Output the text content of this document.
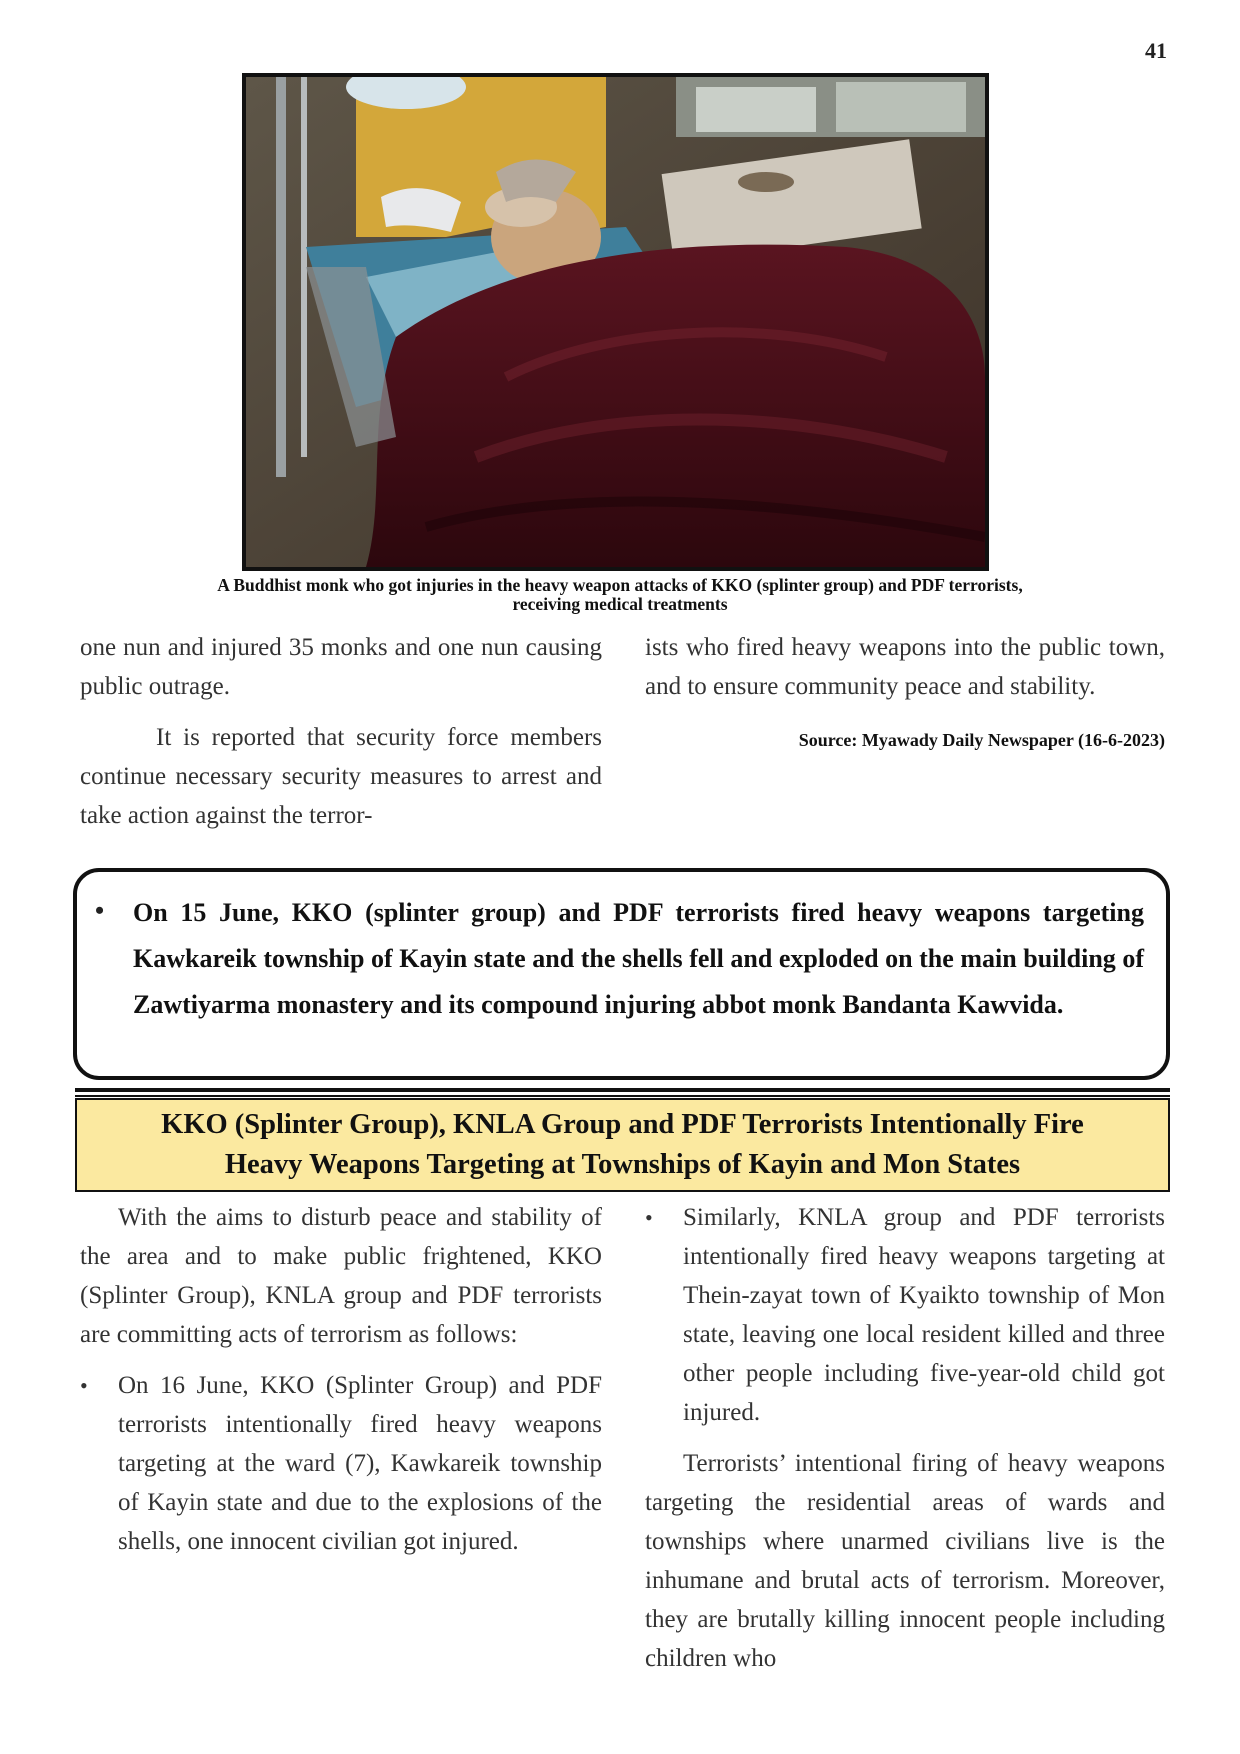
41
A Buddhist monk who got injuries in the heavy weapon attacks of KKO (splinter group) and PDF terrorists,
receiving medical treatments

one nun and injured 35 monks and one nun causing public outrage.

It is reported that security force members continue necessary security measures to arrest and take action against the terror-

ists who fired heavy weapons into the public town, and to ensure community peace and stability.

Source: Myawady Daily Newspaper (16-6-2023)

• On 15 June, KKO (splinter group) and PDF terrorists fired heavy weapons targeting Kawkareik township of Kayin state and the shells fell and exploded on the main building of Zawtiyarma monastery and its compound injuring abbot monk Bandanta Kawvida.
KKO (Splinter Group), KNLA Group and PDF Terrorists Intentionally Fire
Heavy Weapons Targeting at Townships of Kayin and Mon States

With the aims to disturb peace and stability of the area and to make public frightened, KKO (Splinter Group), KNLA group and PDF terrorists are committing acts of terrorism as follows:

• On 16 June, KKO (Splinter Group) and PDF terrorists intentionally fired heavy weapons targeting at the ward (7), Kawkareik township of Kayin state and due to the explosions of the shells, one innocent civilian got injured.

• Similarly, KNLA group and PDF terrorists intentionally fired heavy weapons targeting at Thein-zayat town of Kyaikto township of Mon state, leaving one local resident killed and three other people including five-year-old child got injured.

Terrorists’ intentional firing of heavy weapons targeting the residential areas of wards and townships where unarmed civilians live is the inhumane and brutal acts of terrorism. Moreover, they are brutally killing innocent people including children who
